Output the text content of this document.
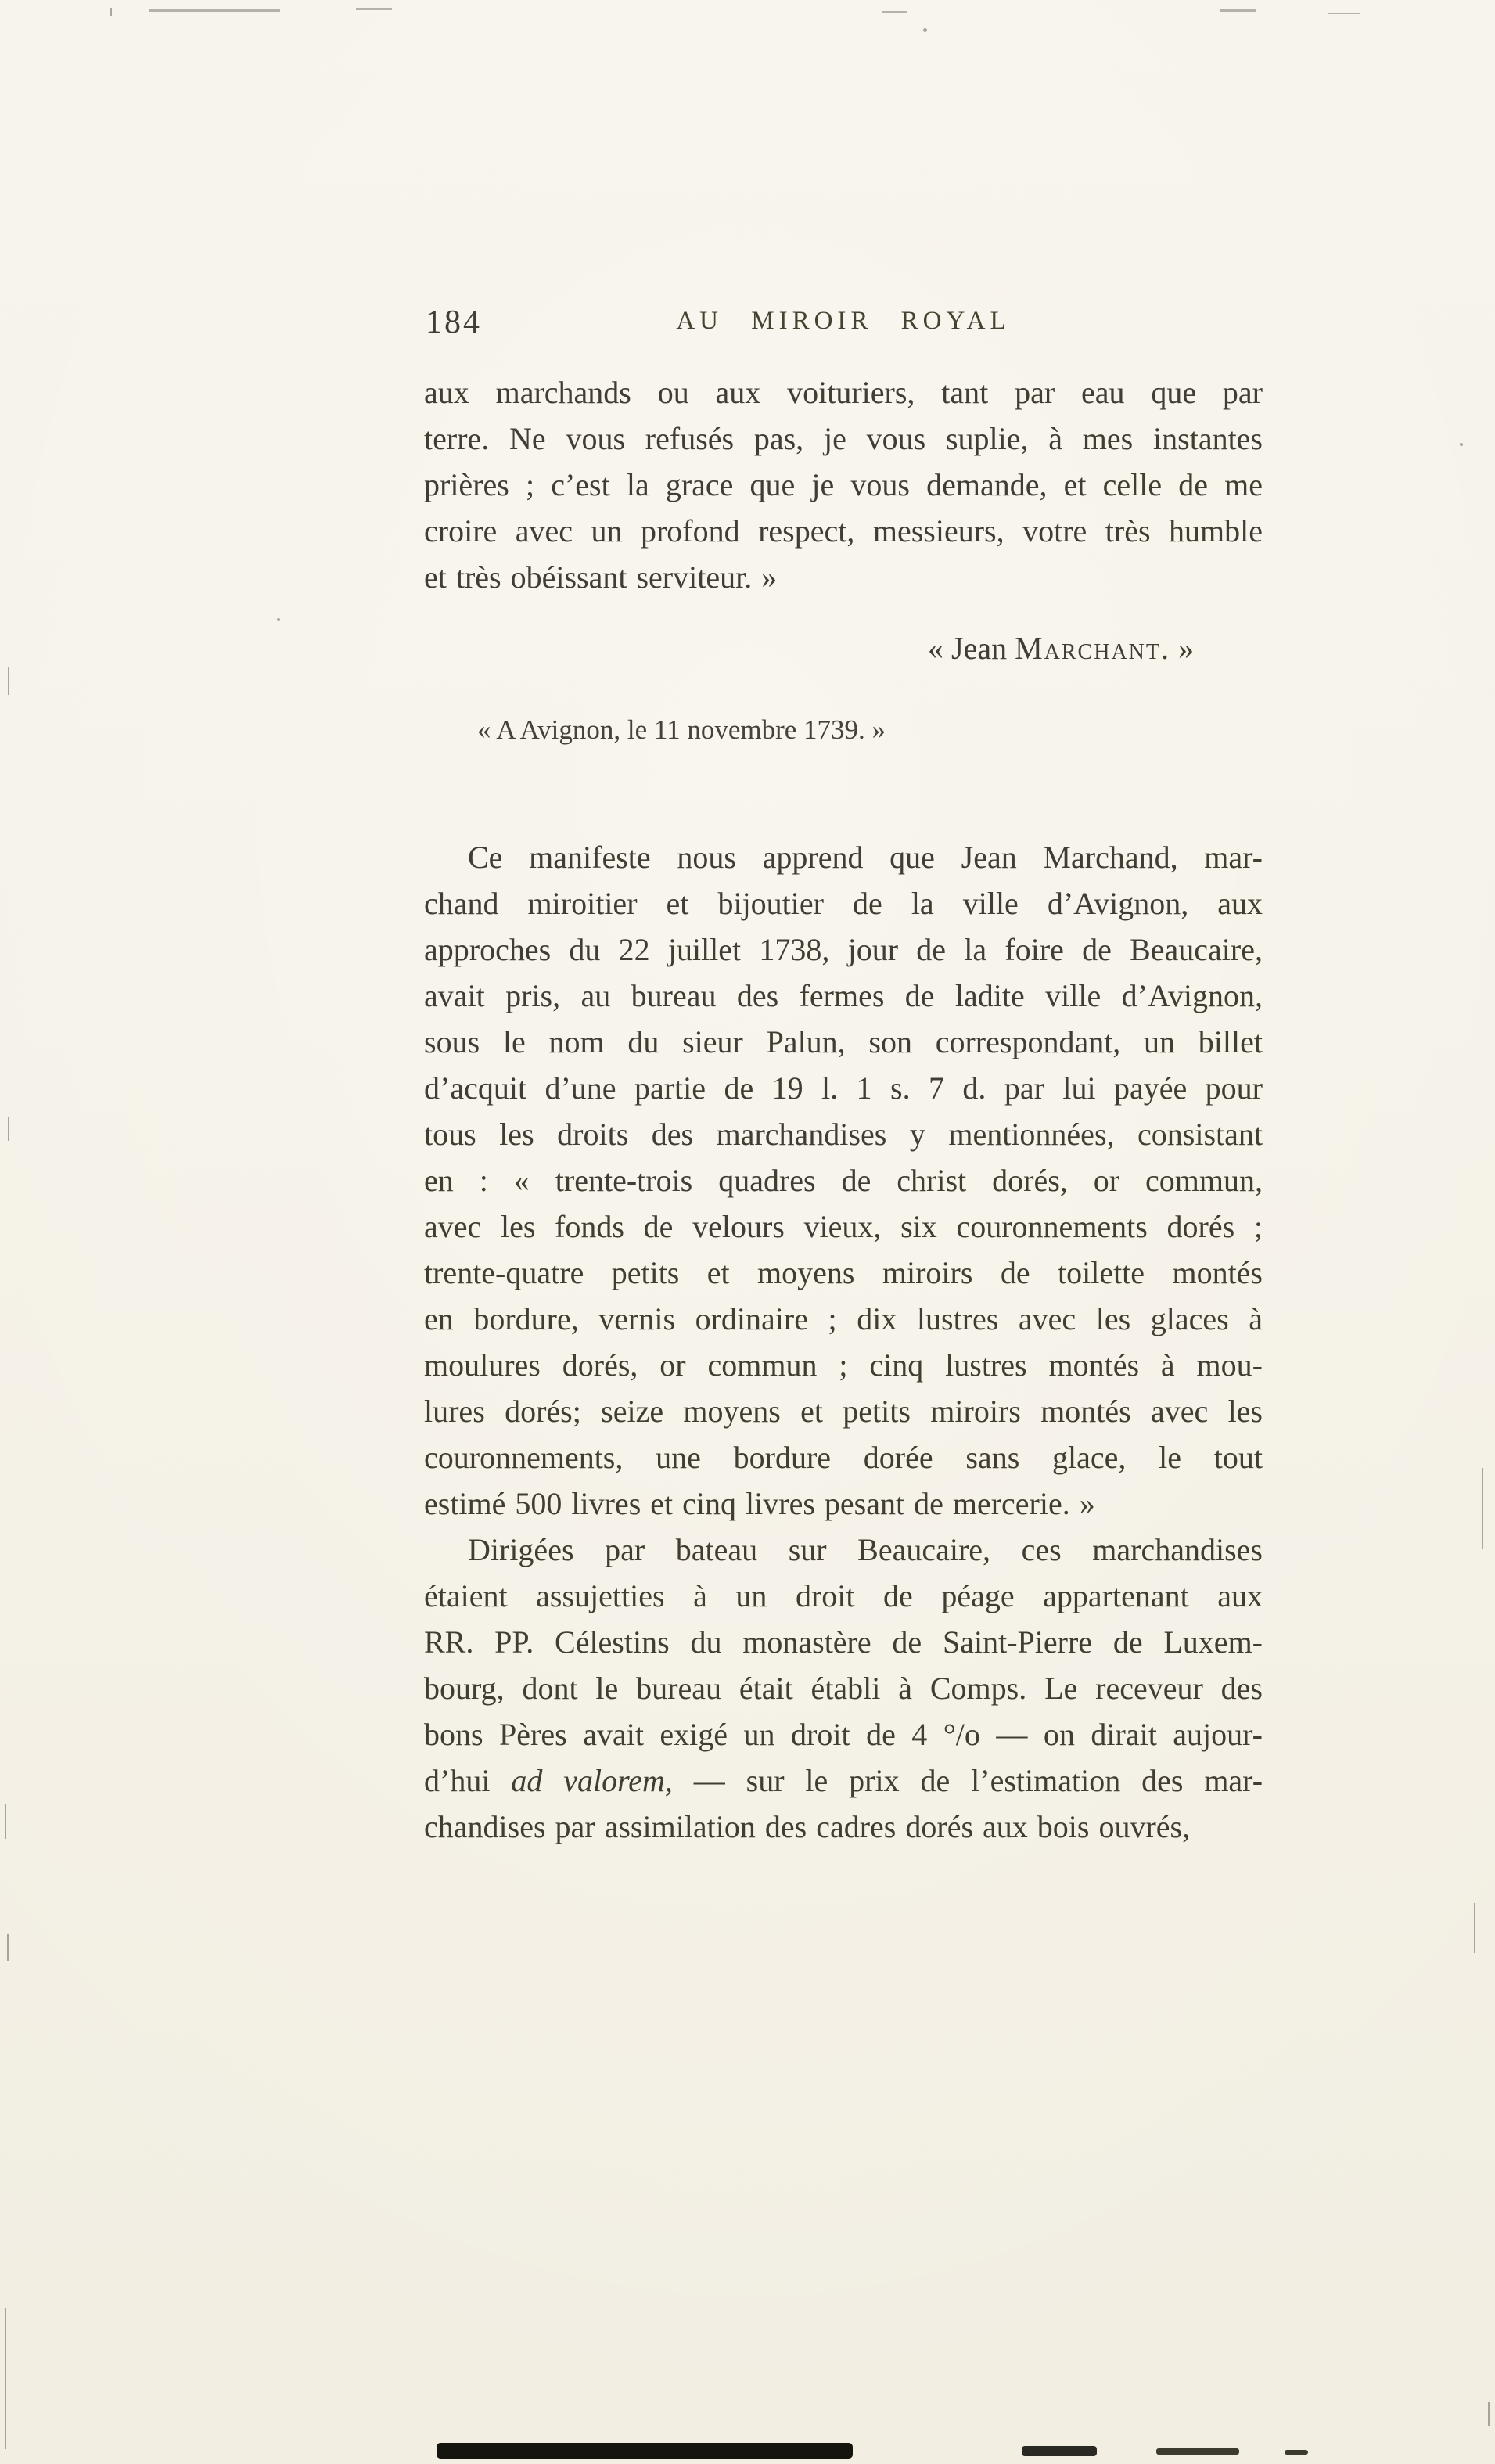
184	AU MIROIR ROYAL
aux marchands ou aux voituriers, tant par eau que par
terre. Ne vous refusés pas, je vous suplie, à mes instantes
prières ; c’est la grace que je vous demande, et celle de me
croire avec un profond respect, messieurs, votre très humble
et très obéissant serviteur. »
« Jean Marchant. »
« A Avignon, le 11 novembre 1739. »
Ce manifeste nous apprend que Jean Marchand, mar-
chand miroitier et bijoutier de la ville d’Avignon, aux
approches du 22 juillet 1738, jour de la foire de Beaucaire,
avait pris, au bureau des fermes de ladite ville d’Avignon,
sous le nom du sieur Palun, son correspondant, un billet
d’acquit d’une partie de 19 l. 1 s. 7 d. par lui payée pour
tous les droits des marchandises y mentionnées, consistant
en : « trente-trois quadres de christ dorés, or commun,
avec les fonds de velours vieux, six couronnements dorés ;
trente-quatre petits et moyens miroirs de toilette montés
en bordure, vernis ordinaire ; dix lustres avec les glaces à
moulures dorés, or commun ; cinq lustres montés à mou-
lures dorés; seize moyens et petits miroirs montés avec les
couronnements, une bordure dorée sans glace, le tout
estimé 500 livres et cinq livres pesant de mercerie. »
Dirigées par bateau sur Beaucaire, ces marchandises
étaient assujetties à un droit de péage appartenant aux
RR. PP. Célestins du monastère de Saint-Pierre de Luxem-
bourg, dont le bureau était établi à Comps. Le receveur des
bons Pères avait exigé un droit de 4 °/o — on dirait aujour-
d’hui ad valorem, — sur le prix de l’estimation des mar-
chandises par assimilation des cadres dorés aux bois ouvrés,
